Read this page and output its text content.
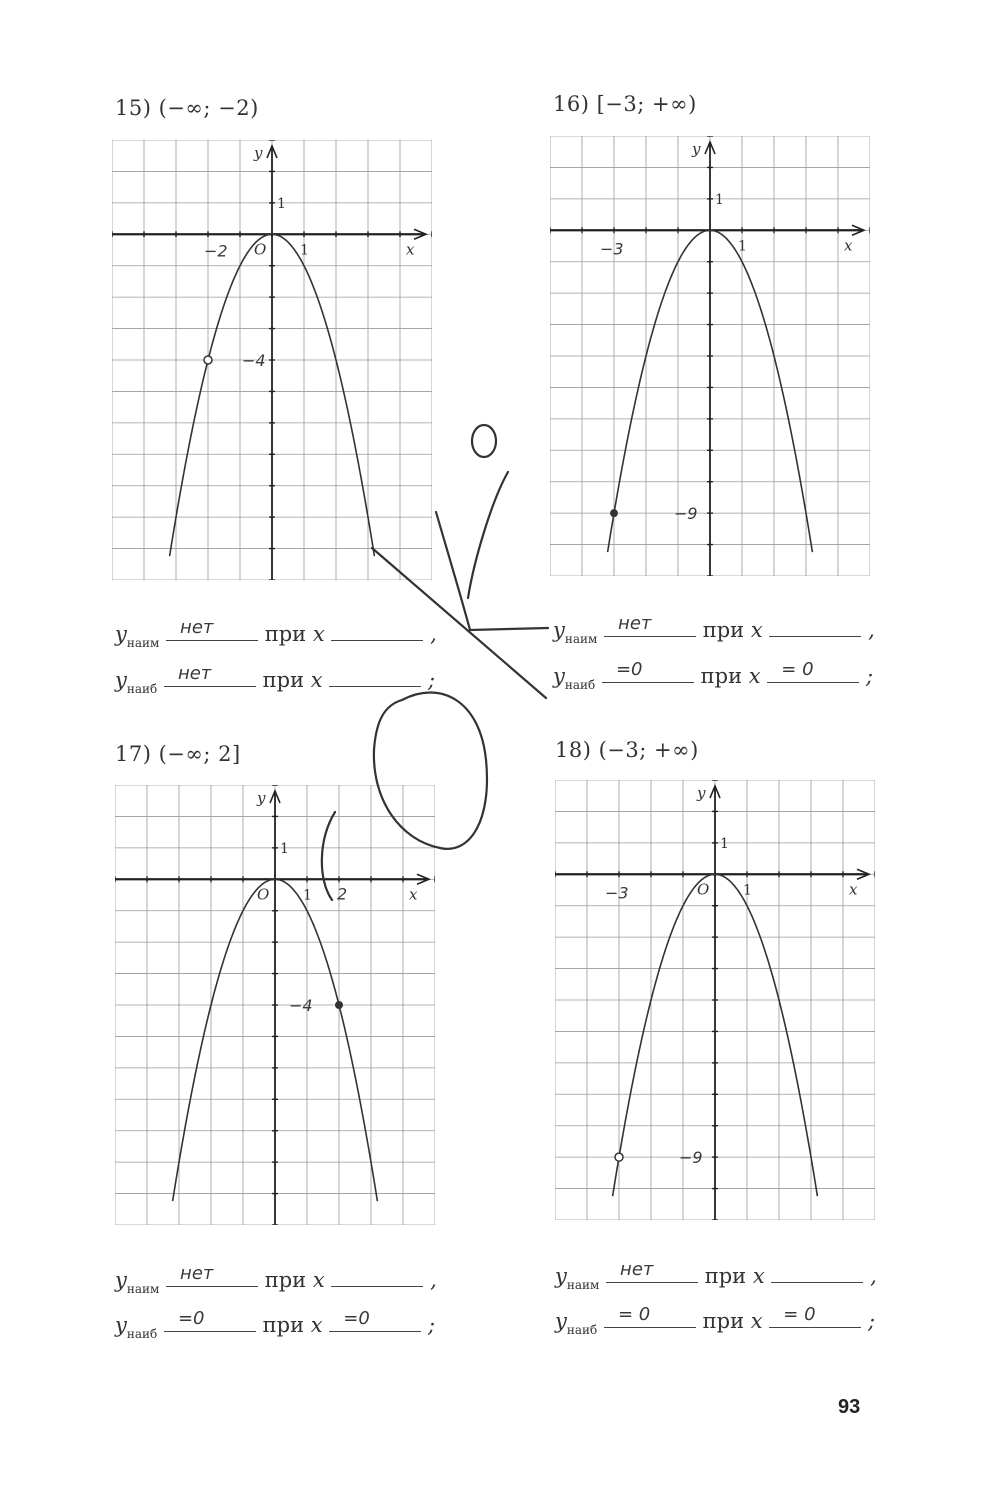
15) (−∞; −2)
y
x
O 1
1
−2
−4
$y_{наим}$
нет при x	,
$y_{наиб}$
нет при x	;
16) [−3; +∞)
y
x
1
1
−3
−9
$y_{наим}$
нет при x	,
$y_{наиб}$
=0	при x = 0 ;
17) (−∞; 2]
y
x
O 1
1
2
−4
$y_{наим}$
нет при x	,
$y_{наиб}$
=0	при x =0	;
18) (−3; +∞)
y
x
O 1
1
−3
−9
$y_{наим}$
нет при x	,
$y_{наиб}$
= 0 при x = 0 ;
93
